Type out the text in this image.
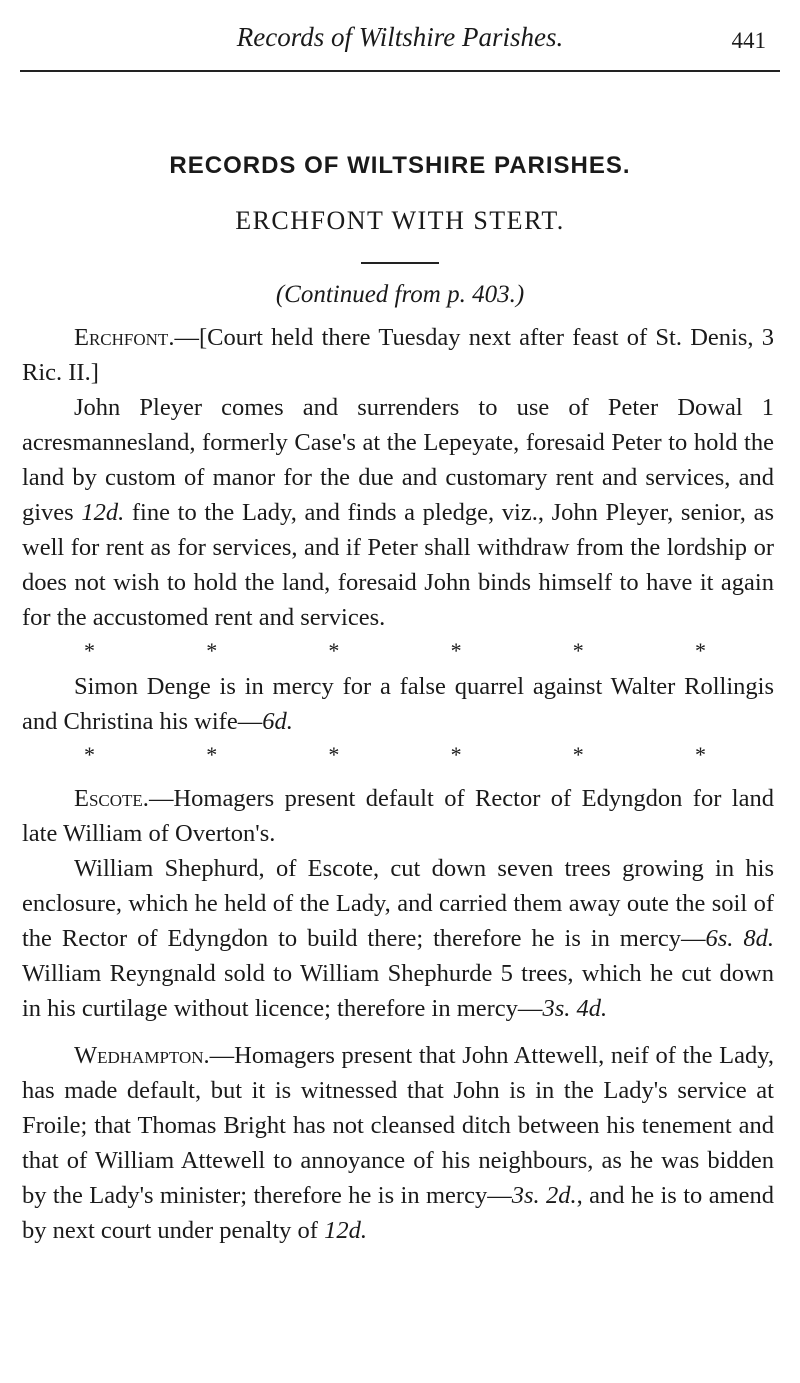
Records of Wiltshire Parishes.	441
RECORDS OF WILTSHIRE PARISHES.
ERCHFONT WITH STERT.
(Continued from p. 403.)

Erchfont.—[Court held there Tuesday next after feast of St. Denis, 3 Ric. II.]

John Pleyer comes and surrenders to use of Peter Dowal 1 acresmannesland, formerly Case's at the Lepeyate, foresaid Peter to hold the land by custom of manor for the due and customary rent and services, and gives 12d. fine to the Lady, and finds a pledge, viz., John Pleyer, senior, as well for rent as for services, and if Peter shall withdraw from the lordship or does not wish to hold the land, foresaid John binds himself to have it again for the accustomed rent and services.

*	*	*	*	*	*

Simon Denge is in mercy for a false quarrel against Walter Rollingis and Christina his wife—6d.

*	*	*	*	*	*

Escote.—Homagers present default of Rector of Edyngdon for land late William of Overton's.

William Shephurd, of Escote, cut down seven trees growing in his enclosure, which he held of the Lady, and carried them away oute the soil of the Rector of Edyngdon to build there; therefore he is in mercy—6s. 8d. William Reyngnald sold to William Shephurde 5 trees, which he cut down in his curtilage without licence; therefore in mercy—3s. 4d.

Wedhampton.—Homagers present that John Attewell, neif of the Lady, has made default, but it is witnessed that John is in the Lady's service at Froile; that Thomas Bright has not cleansed ditch between his tenement and that of William Attewell to annoyance of his neighbours, as he was bidden by the Lady's minister; therefore he is in mercy—3s. 2d., and he is to amend by next court under penalty of 12d.
